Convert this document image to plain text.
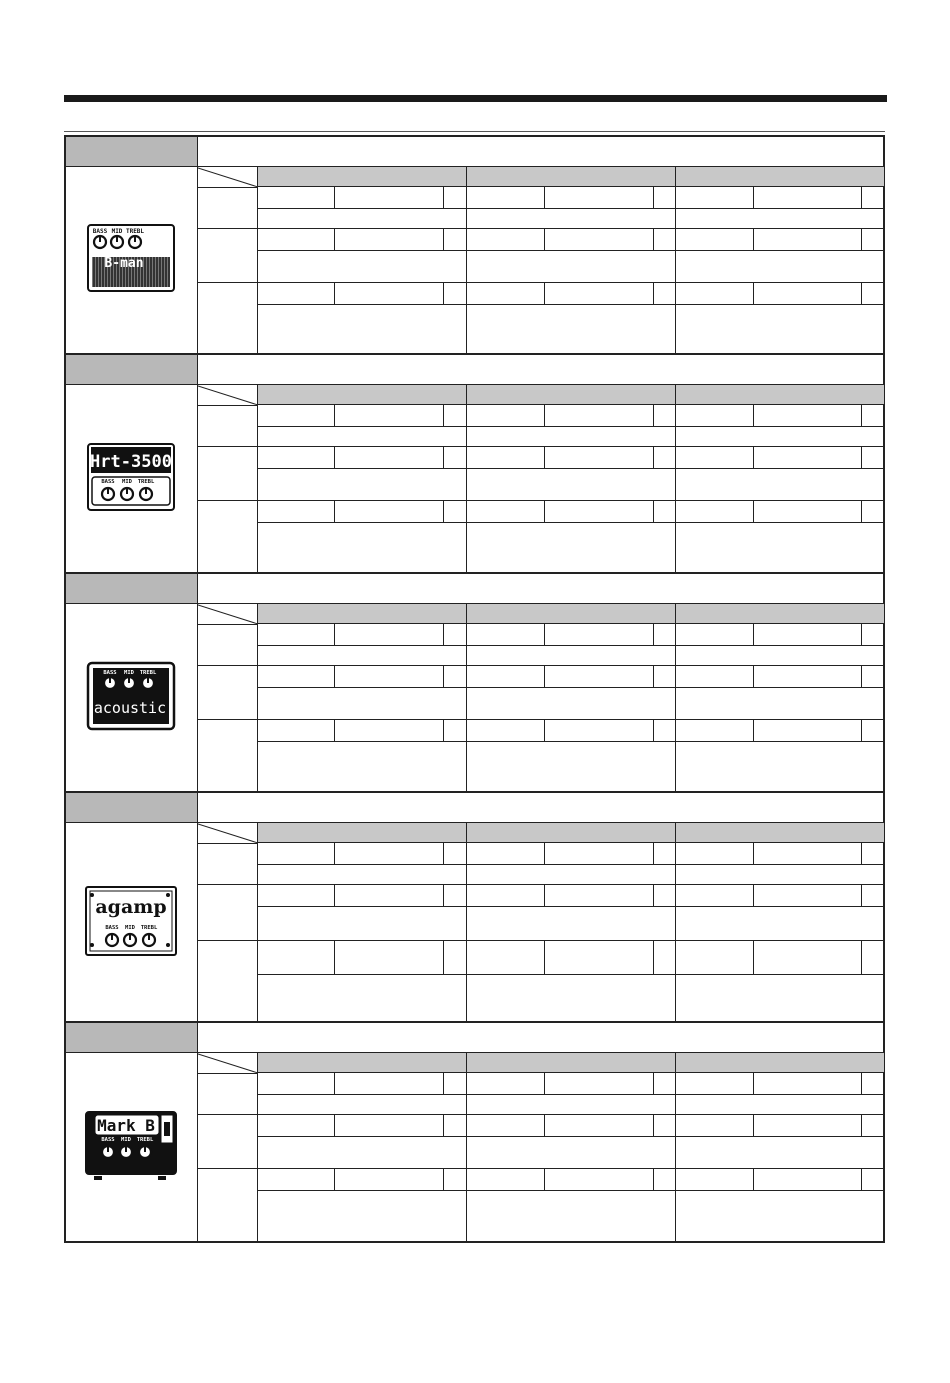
BASS MID TREBL
B-man
Hrt-3500
BASS MID TREBL
BASS MID TREBL
acoustic
agamp
BASS MID TREBL
Mark B
BASS MID TREBL
